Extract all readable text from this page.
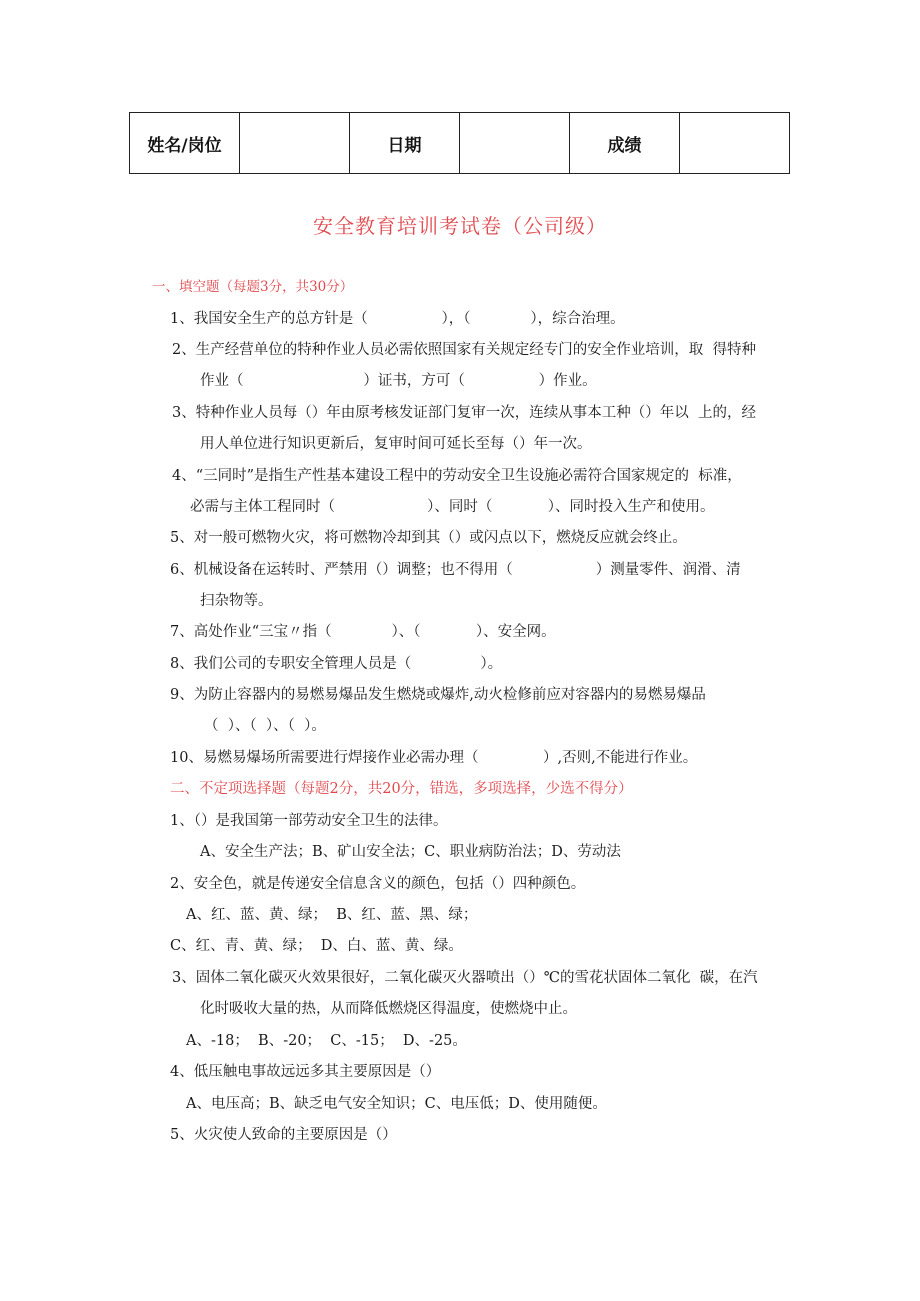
姓名/岗位		日期		成绩	
安全教育培训考试卷（公司级）
一、填空题（每题3分，共30分）
1、我国安全生产的总方针是（                ），（             ），综合治理。
2、生产经营单位的特种作业人员必需依照国家有关规定经专门的安全作业培训，取  得特种
作业（                          ）证书，方可（                ）作业。
3、特种作业人员每（）年由原考核发证部门复审一次，连续从事本工种（）年以  上的，经
用人单位进行知识更新后，复审时间可延长至每（）年一次。
4、“三同时”是指生产性基本建设工程中的劳动安全卫生设施必需符合国家规定的  标准，
必需与主体工程同时（                    ）、同时（            ）、同时投入生产和使用。
5、对一般可燃物火灾，将可燃物冷却到其（）或闪点以下，燃烧反应就会终止。
6、机械设备在运转时、严禁用（）调整；也不得用（                  ）测量零件、润滑、清
扫杂物等。
7、高处作业“三宝〃指（             ）、（            ）、安全网。
8、我们公司的专职安全管理人员是（               ）。
9、为防止容器内的易燃易爆品发生燃烧或爆炸,动火检修前应对容器内的易燃易爆品
（  ）、（  ）、（  ）。
10、易燃易爆场所需要进行焊接作业必需办理（              ）,否则,不能进行作业。
二、不定项选择题（每题2分，共20分，错选，多项选择，少选不得分）
1、（）是我国第一部劳动安全卫生的法律。
A、安全生产法；B、矿山安全法；C、职业病防治法；D、劳动法
2、安全色，就是传递安全信息含义的颜色，包括（）四种颜色。
A、红、蓝、黄、绿；  B、红、蓝、黑、绿；
C、红、青、黄、绿；  D、白、蓝、黄、绿。
3、固体二氧化碳灭火效果很好，二氧化碳灭火器喷出（）℃的雪花状固体二氧化  碳，在汽
化时吸收大量的热，从而降低燃烧区得温度，使燃烧中止。
A、-18；  B、-20；  C、-15；  D、-25。
4、低压触电事故远远多其主要原因是（）
A、电压高；B、缺乏电气安全知识；C、电压低；D、使用随便。
5、火灾使人致命的主要原因是（）
